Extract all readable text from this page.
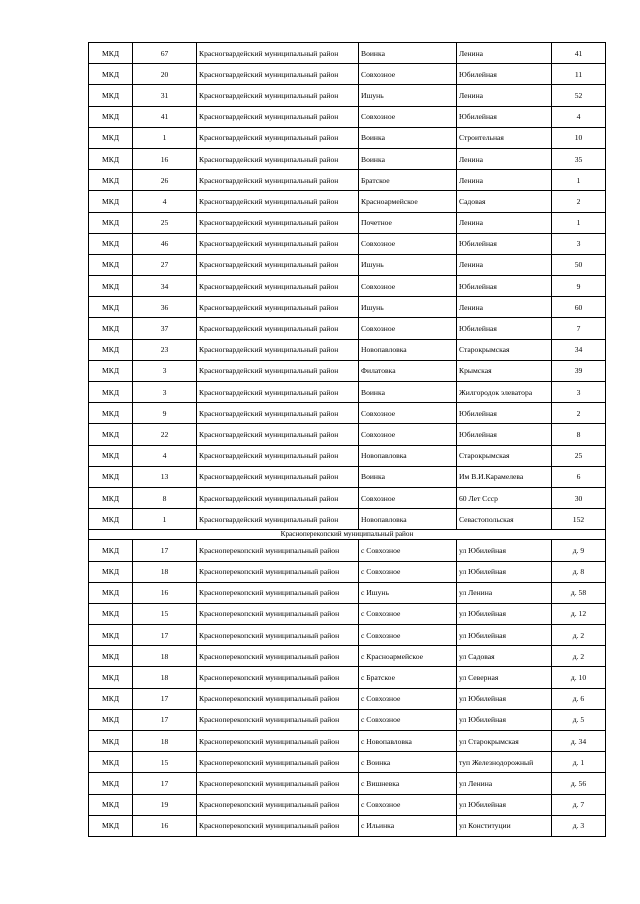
МКД	67	Красногвардейский муниципальный район	Воинка	Ленина	41
МКД	20	Красногвардейский муниципальный район	Совхозное	Юбилейная	11
МКД	31	Красногвардейский муниципальный район	Ишунь	Ленина	52
МКД	41	Красногвардейский муниципальный район	Совхозное	Юбилейная	4
МКД	1	Красногвардейский муниципальный район	Воинка	Строительная	10
МКД	16	Красногвардейский муниципальный район	Воинка	Ленина	35
МКД	26	Красногвардейский муниципальный район	Братское	Ленина	1
МКД	4	Красногвардейский муниципальный район	Красноармейское	Садовая	2
МКД	25	Красногвардейский муниципальный район	Почетное	Ленина	1
МКД	46	Красногвардейский муниципальный район	Совхозное	Юбилейная	3
МКД	27	Красногвардейский муниципальный район	Ишунь	Ленина	50
МКД	34	Красногвардейский муниципальный район	Совхозное	Юбилейная	9
МКД	36	Красногвардейский муниципальный район	Ишунь	Ленина	60
МКД	37	Красногвардейский муниципальный район	Совхозное	Юбилейная	7
МКД	23	Красногвардейский муниципальный район	Новопавловка	Старокрымская	34
МКД	3	Красногвардейский муниципальный район	Филатовка	Крымская	39
МКД	3	Красногвардейский муниципальный район	Воинка	Жилгородок элеватора	3
МКД	9	Красногвардейский муниципальный район	Совхозное	Юбилейная	2
МКД	22	Красногвардейский муниципальный район	Совхозное	Юбилейная	8
МКД	4	Красногвардейский муниципальный район	Новопавловка	Старокрымская	25
МКД	13	Красногвардейский муниципальный район	Воинка	Им В.И.Карамелева	6
МКД	8	Красногвардейский муниципальный район	Совхозное	60 Лет Ссср	30
МКД	1	Красногвардейский муниципальный район	Новопавловка	Севастопольская	152
Красноперекопский муниципальный район					
МКД	17	Красноперекопский муниципальный район	с Совхозное	ул Юбилейная	д. 9
МКД	18	Красноперекопский муниципальный район	с Совхозное	ул Юбилейная	д. 8
МКД	16	Красноперекопский муниципальный район	с Ишунь	ул Ленина	д. 58
МКД	15	Красноперекопский муниципальный район	с Совхозное	ул Юбилейная	д. 12
МКД	17	Красноперекопский муниципальный район	с Совхозное	ул Юбилейная	д. 2
МКД	18	Красноперекопский муниципальный район	с Красноармейское	ул Садовая	д. 2
МКД	18	Красноперекопский муниципальный район	с Братское	ул Северная	д. 10
МКД	17	Красноперекопский муниципальный район	с Совхозное	ул Юбилейная	д. 6
МКД	17	Красноперекопский муниципальный район	с Совхозное	ул Юбилейная	д. 5
МКД	18	Красноперекопский муниципальный район	с Новопавловка	ул Старокрымская	д. 34
МКД	15	Красноперекопский муниципальный район	с Воинка	туп Железнодорожный	д. 1
МКД	17	Красноперекопский муниципальный район	с Вишневка	ул Ленина	д. 56
МКД	19	Красноперекопский муниципальный район	с Совхозное	ул Юбилейная	д. 7
МКД	16	Красноперекопский муниципальный район	с Ильинка	ул Конституции	д. 3
